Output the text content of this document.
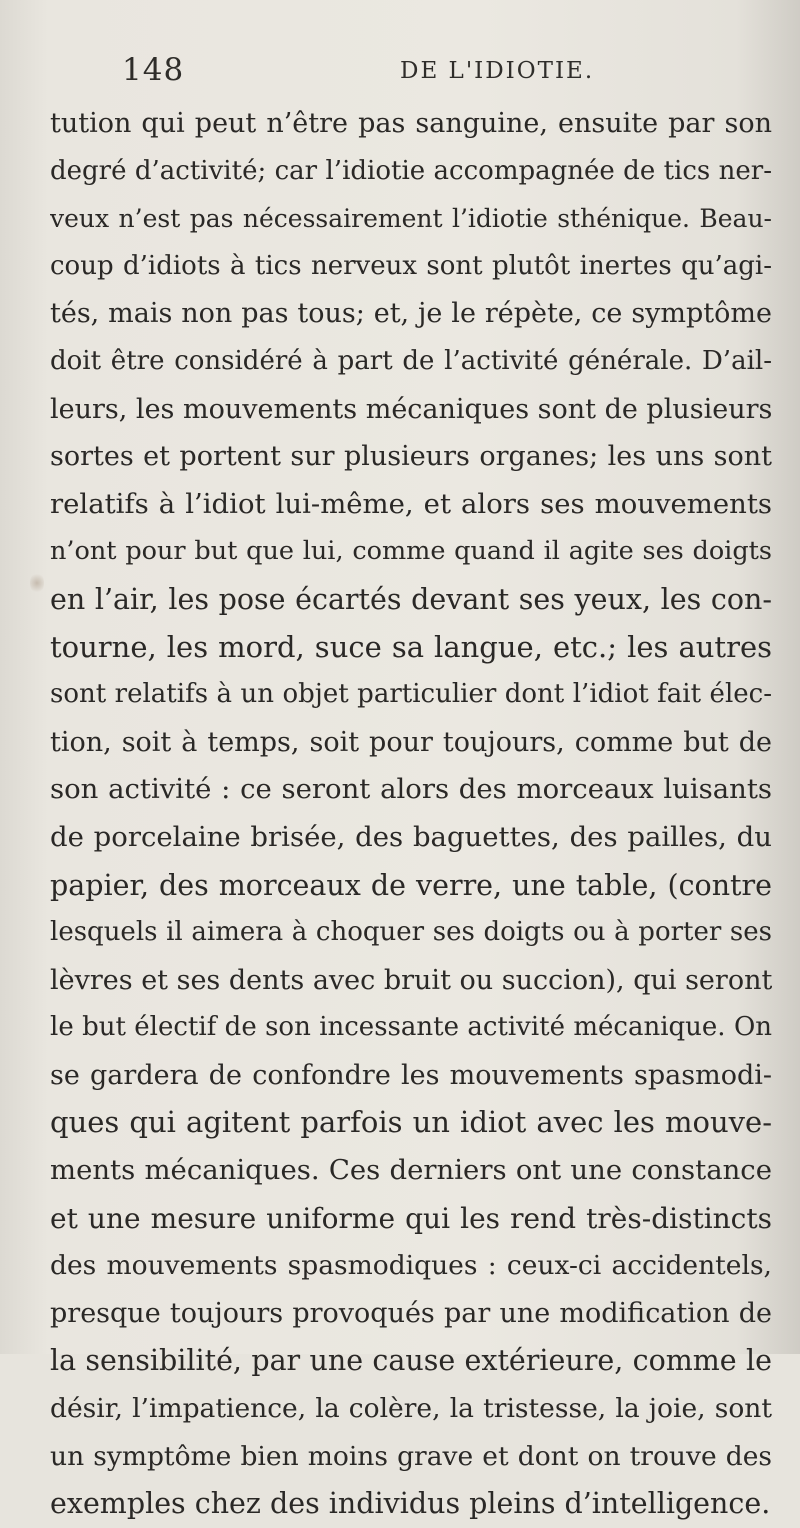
148	DE L'IDIOTIE.
tution qui peut n’être pas sanguine, ensuite par son
degré d’activité; car l’idiotie accompagnée de tics ner-
veux n’est pas nécessairement l’idiotie sthénique. Beau-
coup d’idiots à tics nerveux sont plutôt inertes qu’agi-
tés, mais non pas tous; et, je le répète, ce symptôme
doit être considéré à part de l’activité générale. D’ail-
leurs, les mouvements mécaniques sont de plusieurs
sortes et portent sur plusieurs organes; les uns sont
relatifs à l’idiot lui-même, et alors ses mouvements
n’ont pour but que lui, comme quand il agite ses doigts
en l’air, les pose écartés devant ses yeux, les con-
tourne, les mord, suce sa langue, etc.; les autres
sont relatifs à un objet particulier dont l’idiot fait élec-
tion, soit à temps, soit pour toujours, comme but de
son activité : ce seront alors des morceaux luisants
de porcelaine brisée, des baguettes, des pailles, du
papier, des morceaux de verre, une table, (contre
lesquels il aimera à choquer ses doigts ou à porter ses
lèvres et ses dents avec bruit ou succion), qui seront
le but électif de son incessante activité mécanique. On
se gardera de confondre les mouvements spasmodi-
ques qui agitent parfois un idiot avec les mouve-
ments mécaniques. Ces derniers ont une constance
et une mesure uniforme qui les rend très-distincts
des mouvements spasmodiques : ceux-ci accidentels,
presque toujours provoqués par une modification de
la sensibilité, par une cause extérieure, comme le
désir, l’impatience, la colère, la tristesse, la joie, sont
un symptôme bien moins grave et dont on trouve des
exemples chez des individus pleins d’intelligence.
